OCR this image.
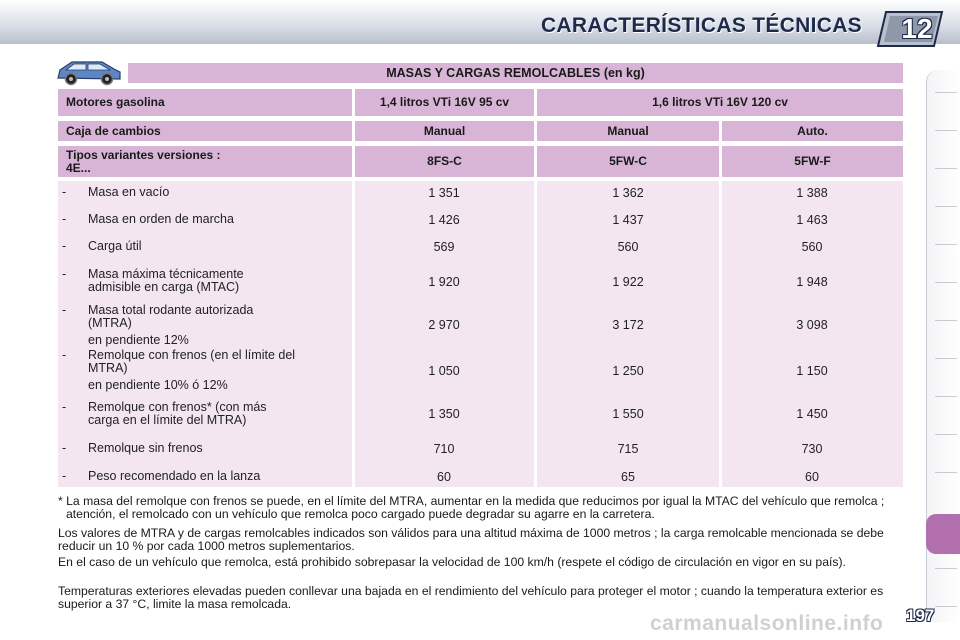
CARACTERÍSTICAS TÉCNICAS 12
MASAS Y CARGAS REMOLCABLES (en kg)
Motores gasolina	1,4 litros VTi 16V 95 cv	1,6 litros VTi 16V 120 cv
Caja de cambios	Manual	Manual	Auto.
Tipos variantes versiones :
4E...	8FS-C	5FW-C	5FW-F
- Masa en vacío	1 351	1 362	1 388
- Masa en orden de marcha	1 426	1 437	1 463
- Carga útil	569	560	560
- Masa máxima técnicamente
admisible en carga (MTAC)	1 920	1 922	1 948
- Masa total rodante autorizada
(MTRA)
en pendiente 12%
2 970	3 172	3 098
- Remolque con frenos (en el límite del
MTRA)
en pendiente 10% ó 12%
1 050	1 250	1 150
- Remolque con frenos* (con más
carga en el límite del MTRA)	1 350	1 550	1 450
- Remolque sin frenos	710	715	730
- Peso recomendado en la lanza	60	65	60
* La masa del remolque con frenos se puede, en el límite del MTRA, aumentar en la medida que reducimos por igual la MTAC del vehículo que remolca ; atención, el remolcado con un vehículo que remolca poco cargado puede degradar su agarre en la carretera.
Los valores de MTRA y de cargas remolcables indicados son válidos para una altitud máxima de 1000 metros ; la carga remolcable mencionada se debe reducir un 10 % por cada 1000 metros suplementarios.
En el caso de un vehículo que remolca, está prohibido sobrepasar la velocidad de 100 km/h (respete el código de circulación en vigor en su país).
Temperaturas exteriores elevadas pueden conllevar una bajada en el rendimiento del vehículo para proteger el motor ; cuando la temperatura exterior es superior a 37 °C, limite la masa remolcada.
carmanualsonline.info 197
